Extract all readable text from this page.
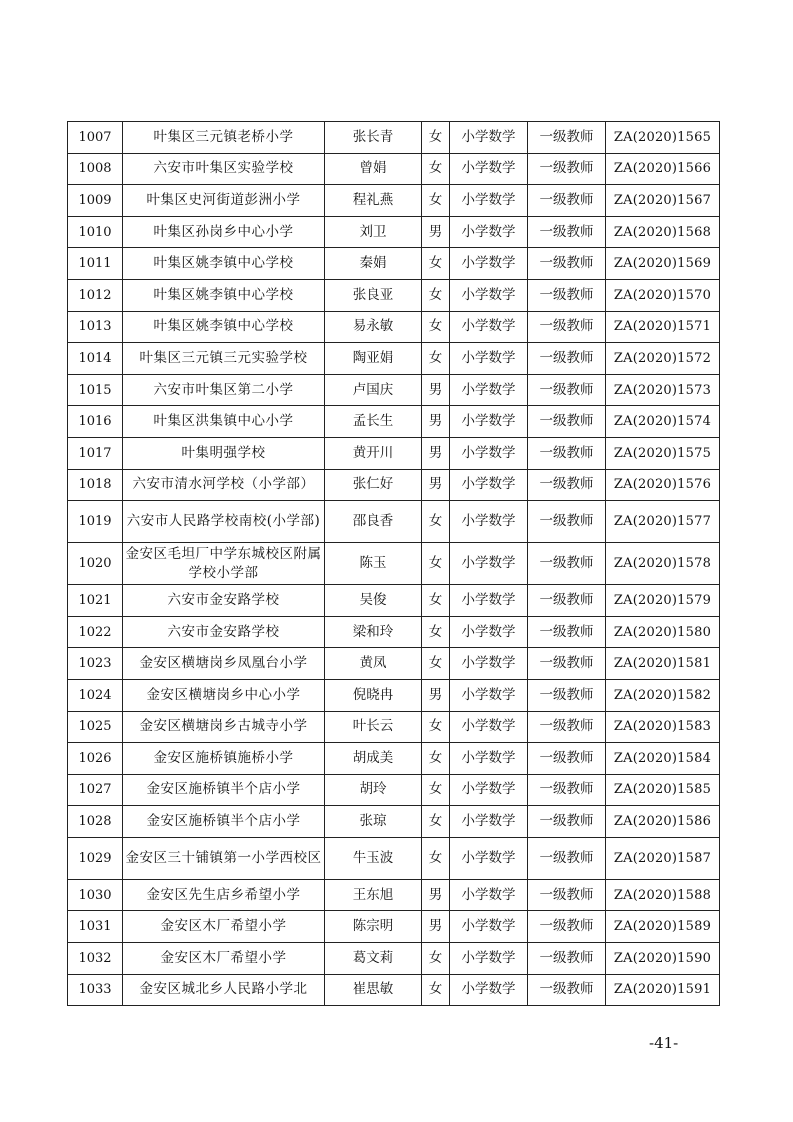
1007	叶集区三元镇老桥小学	张长青	女	小学数学	一级教师	ZA(2020)1565
1008	六安市叶集区实验学校	曾娟	女	小学数学	一级教师	ZA(2020)1566
1009	叶集区史河街道彭洲小学	程礼燕	女	小学数学	一级教师	ZA(2020)1567
1010	叶集区孙岗乡中心小学	刘卫	男	小学数学	一级教师	ZA(2020)1568
1011	叶集区姚李镇中心学校	秦娟	女	小学数学	一级教师	ZA(2020)1569
1012	叶集区姚李镇中心学校	张良亚	女	小学数学	一级教师	ZA(2020)1570
1013	叶集区姚李镇中心学校	易永敏	女	小学数学	一级教师	ZA(2020)1571
1014	叶集区三元镇三元实验学校	陶亚娟	女	小学数学	一级教师	ZA(2020)1572
1015	六安市叶集区第二小学	卢国庆	男	小学数学	一级教师	ZA(2020)1573
1016	叶集区洪集镇中心小学	孟长生	男	小学数学	一级教师	ZA(2020)1574
1017	叶集明强学校	黄开川	男	小学数学	一级教师	ZA(2020)1575
1018	六安市清水河学校（小学部）	张仁好	男	小学数学	一级教师	ZA(2020)1576
1019	六安市人民路学校南校(小学部)	邵良香	女	小学数学	一级教师	ZA(2020)1577
1020	金安区毛坦厂中学东城校区附属学校小学部	陈玉	女	小学数学	一级教师	ZA(2020)1578
1021	六安市金安路学校	吴俊	女	小学数学	一级教师	ZA(2020)1579
1022	六安市金安路学校	梁和玲	女	小学数学	一级教师	ZA(2020)1580
1023	金安区横塘岗乡凤凰台小学	黄凤	女	小学数学	一级教师	ZA(2020)1581
1024	金安区横塘岗乡中心小学	倪晓冉	男	小学数学	一级教师	ZA(2020)1582
1025	金安区横塘岗乡古城寺小学	叶长云	女	小学数学	一级教师	ZA(2020)1583
1026	金安区施桥镇施桥小学	胡成美	女	小学数学	一级教师	ZA(2020)1584
1027	金安区施桥镇半个店小学	胡玲	女	小学数学	一级教师	ZA(2020)1585
1028	金安区施桥镇半个店小学	张琼	女	小学数学	一级教师	ZA(2020)1586
1029	金安区三十铺镇第一小学西校区	牛玉波	女	小学数学	一级教师	ZA(2020)1587
1030	金安区先生店乡希望小学	王东旭	男	小学数学	一级教师	ZA(2020)1588
1031	金安区木厂希望小学	陈宗明	男	小学数学	一级教师	ZA(2020)1589
1032	金安区木厂希望小学	葛文莉	女	小学数学	一级教师	ZA(2020)1590
1033	金安区城北乡人民路小学北	崔思敏	女	小学数学	一级教师	ZA(2020)1591
-41-
